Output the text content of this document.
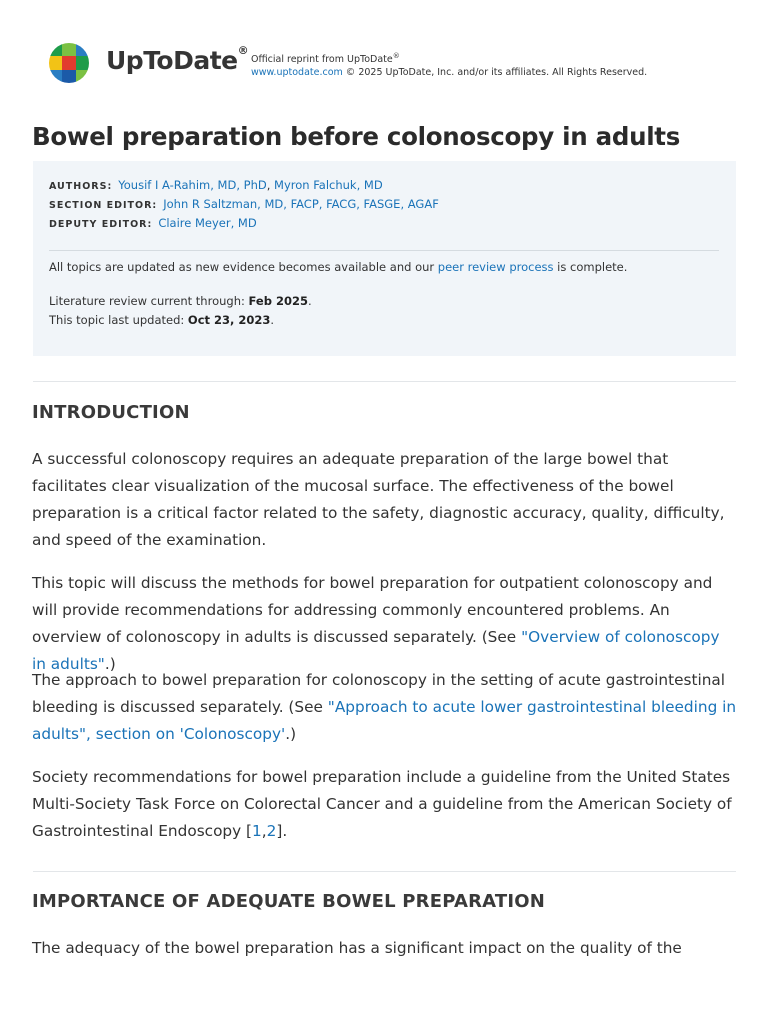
UpToDate®
Official reprint from UpToDate®
www.uptodate.com © 2025 UpToDate, Inc. and/or its affiliates. All Rights Reserved.
Bowel preparation before colonoscopy in adults
AUTHORS: Yousif I A-Rahim, MD, PhD, Myron Falchuk, MD
SECTION EDITOR: John R Saltzman, MD, FACP, FACG, FASGE, AGAF
DEPUTY EDITOR: Claire Meyer, MD
All topics are updated as new evidence becomes available and our peer review process is complete.
Literature review current through: Feb 2025.
This topic last updated: Oct 23, 2023.
INTRODUCTION

A successful colonoscopy requires an adequate preparation of the large bowel that facilitates clear visualization of the mucosal surface. The effectiveness of the bowel preparation is a critical factor related to the safety, diagnostic accuracy, quality, difficulty, and speed of the examination.

This topic will discuss the methods for bowel preparation for outpatient colonoscopy and will provide recommendations for addressing commonly encountered problems. An overview of colonoscopy in adults is discussed separately. (See "Overview of colonoscopy in adults".)

The approach to bowel preparation for colonoscopy in the setting of acute gastrointestinal bleeding is discussed separately. (See "Approach to acute lower gastrointestinal bleeding in adults", section on 'Colonoscopy'.)

Society recommendations for bowel preparation include a guideline from the United States Multi-Society Task Force on Colorectal Cancer and a guideline from the American Society of Gastrointestinal Endoscopy [1,2].

IMPORTANCE OF ADEQUATE BOWEL PREPARATION

The adequacy of the bowel preparation has a significant impact on the quality of the
